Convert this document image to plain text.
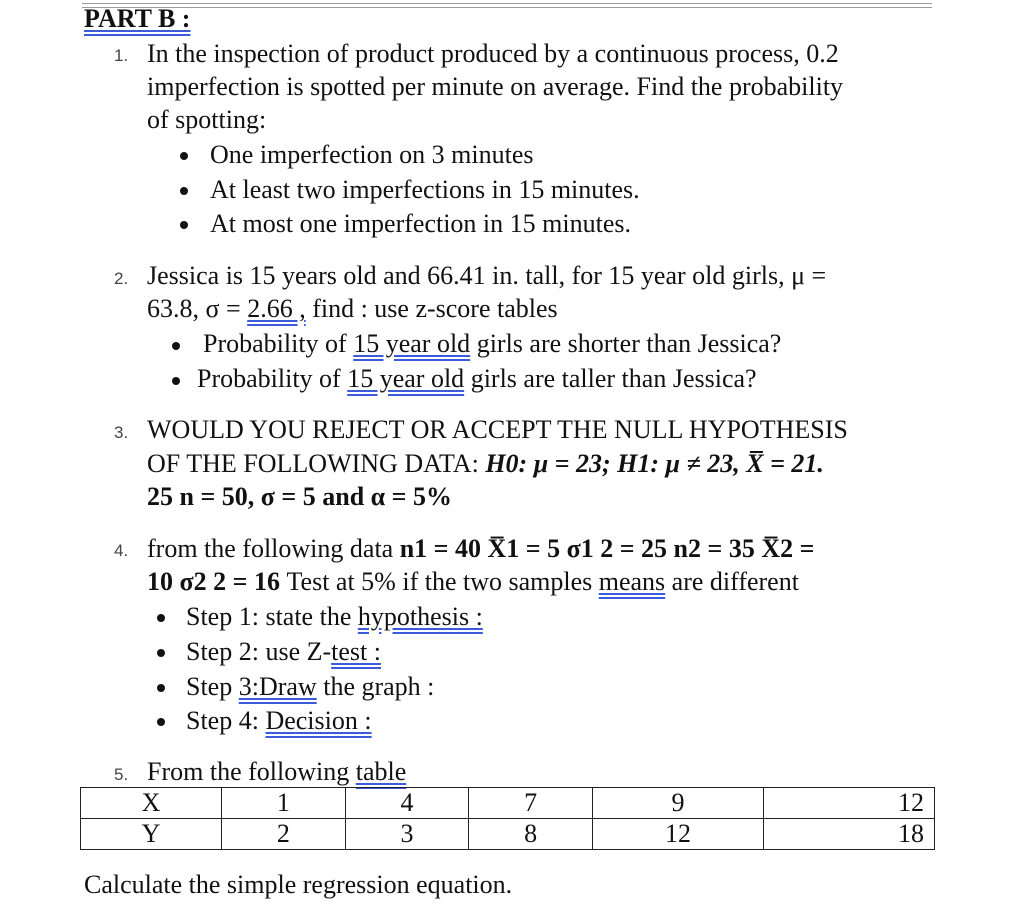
PART B :
1. In the inspection of product produced by a continuous process, 0.2
imperfection is spotted per minute on average. Find the probability
of spotting:
One imperfection on 3 minutes
At least two imperfections in 15 minutes.
At most one imperfection in 15 minutes.
2. Jessica is 15 years old and 66.41 in. tall, for 15 year old girls, μ =
63.8, σ = 2.66 , find : use z-score tables
Probability of 15 year old girls are shorter than Jessica?
Probability of 15 year old girls are taller than Jessica?
3. WOULD YOU REJECT OR ACCEPT THE NULL HYPOTHESIS
OF THE FOLLOWING DATA: H0: μ = 23; H1: μ ≠ 23, X̅ = 21.
25 n = 50, σ = 5 and α = 5%
4. from the following data n1 = 40 X̅1 = 5 σ1 2 = 25 n2 = 35 X̅2 =
10 σ2 2 = 16 Test at 5% if the two samples means are different
Step 1: state the hypothesis :
Step 2: use Z-test :
Step 3:Draw the graph :
Step 4: Decision :
5. From the following table
X	1	4	7	9	12
Y	2	3	8	12	18
Calculate the simple regression equation.
